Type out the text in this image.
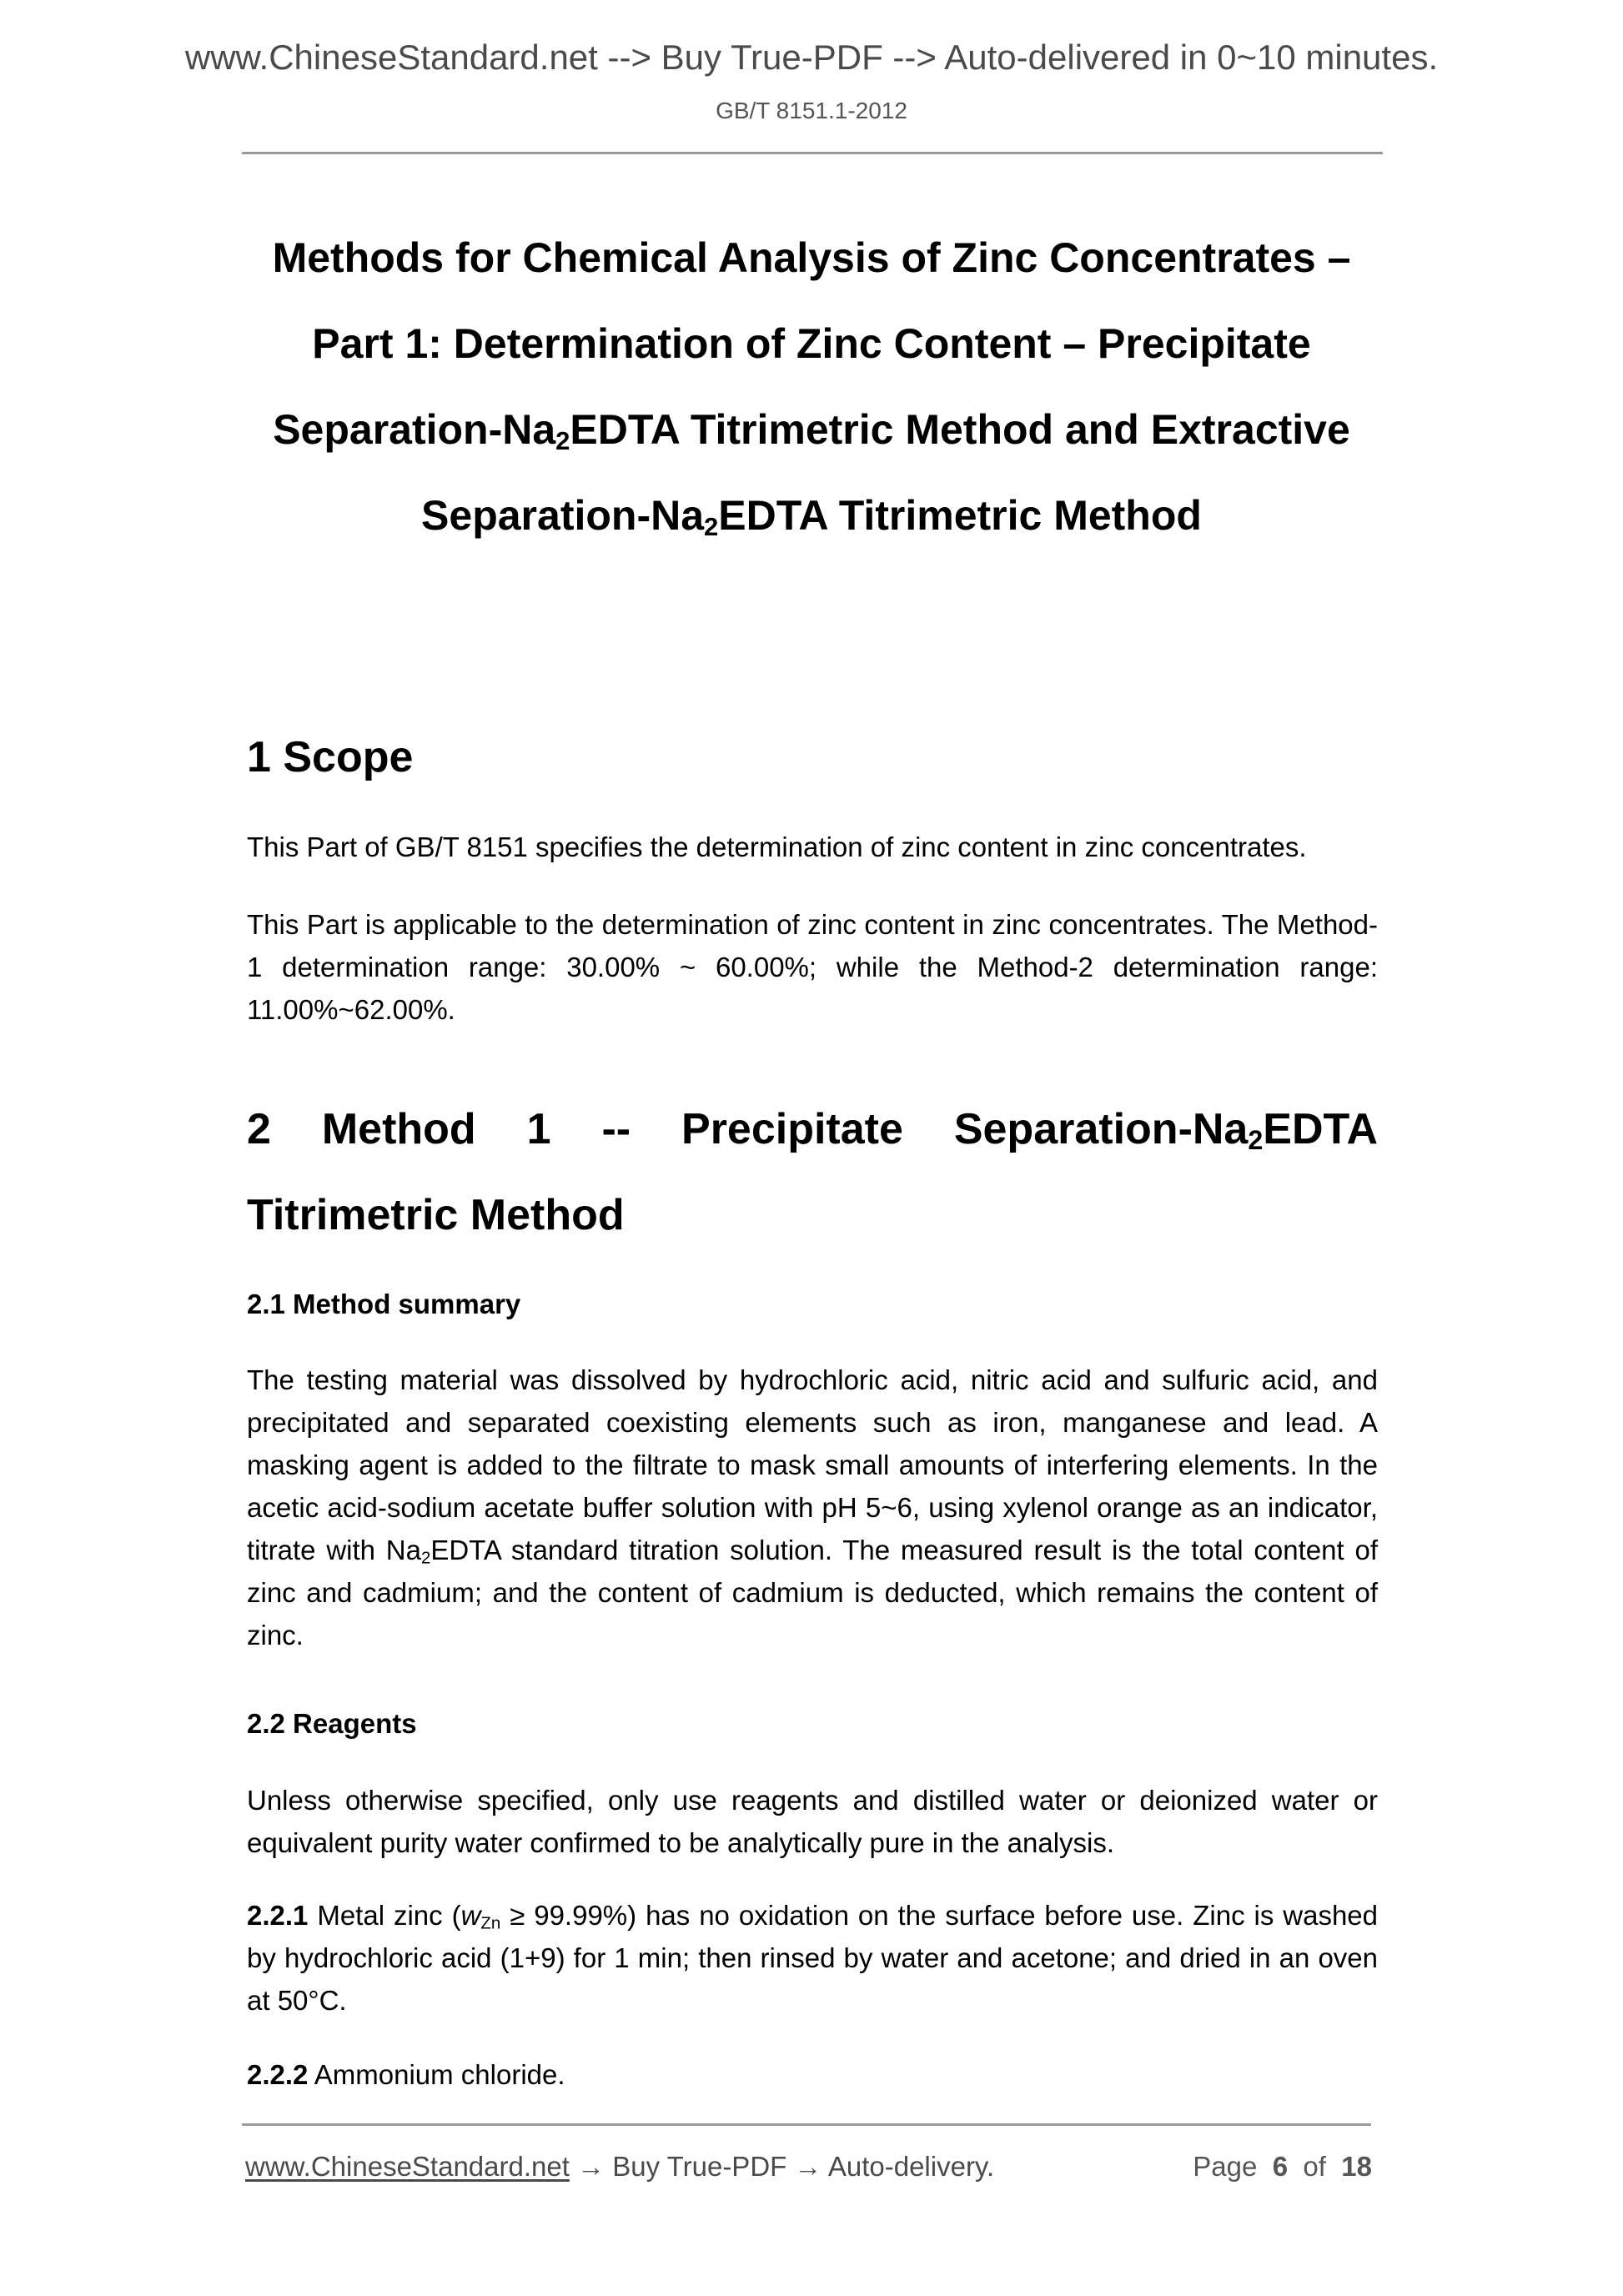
www.ChineseStandard.net --> Buy True-PDF --> Auto-delivered in 0~10 minutes.
GB/T 8151.1-2012
Methods for Chemical Analysis of Zinc Concentrates –
Part 1: Determination of Zinc Content – Precipitate
Separation-$Na_2EDTA$ Titrimetric Method and Extractive
Separation-$Na_2EDTA$ Titrimetric Method
1 Scope

This Part of GB/T 8151 specifies the determination of zinc content in zinc concentrates.

This Part is applicable to the determination of zinc content in zinc concentrates. The Method-1 determination range: 30.00% ~ 60.00%; while the Method-2 determination range: 11.00%~62.00%.

2 Method 1 -- Precipitate Separation-$Na_2EDTA$
Titrimetric Method
2.1 Method summary

The testing material was dissolved by hydrochloric acid, nitric acid and sulfuric acid, and precipitated and separated coexisting elements such as iron, manganese and lead. A masking agent is added to the filtrate to mask small amounts of interfering elements. In the acetic acid-sodium acetate buffer solution with pH 5~6, using xylenol orange as an indicator, titrate with $Na_2EDTA$ standard titration solution. The measured result is the total content of zinc and cadmium; and the content of cadmium is deducted, which remains the content of zinc.

2.2 Reagents

Unless otherwise specified, only use reagents and distilled water or deionized water or equivalent purity water confirmed to be analytically pure in the analysis.

2.2.1 Metal zinc $(w_{Zn} \ge 99.99\%)$ has no oxidation on the surface before use. Zinc is washed by hydrochloric acid (1+9) for 1 min; then rinsed by water and acetone; and dried in an oven at 50°C.

2.2.2 Ammonium chloride.

www.ChineseStandard.net → Buy True-PDF → Auto-delivery.	Page 6 of 18
